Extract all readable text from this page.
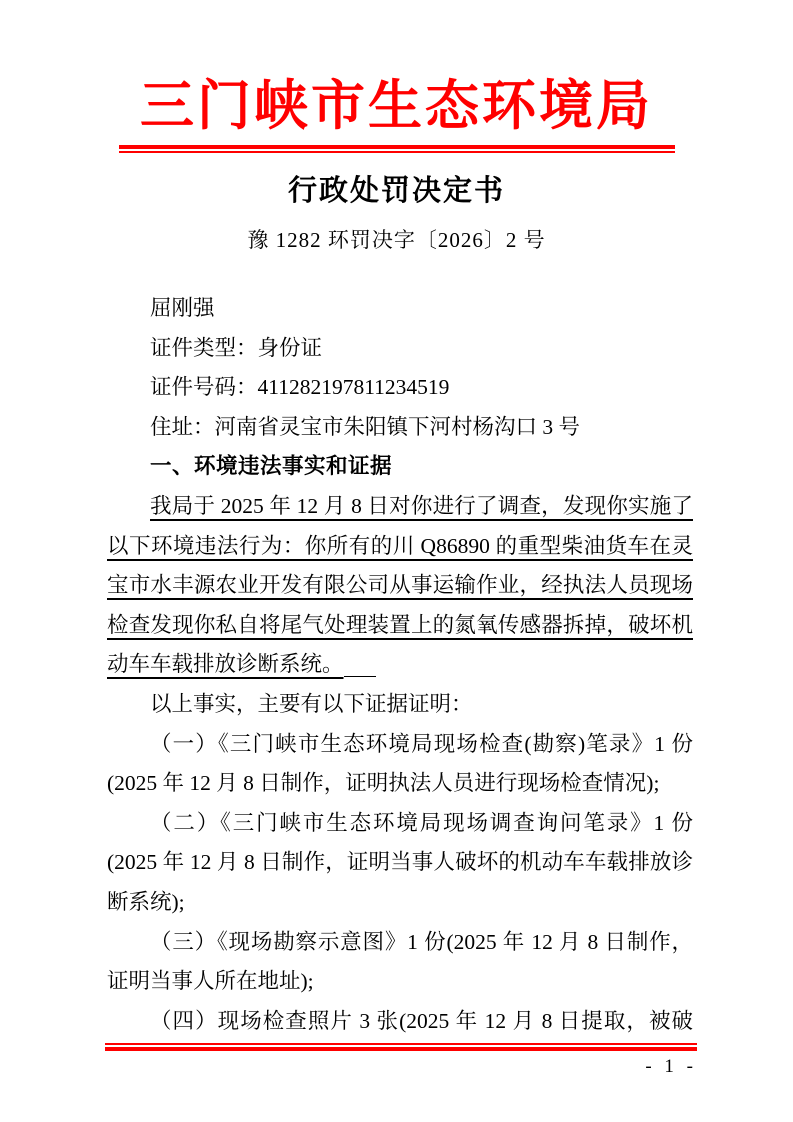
三门峡市生态环境局
行政处罚决定书
豫 1282 环罚决字〔2026〕2 号
屈刚强
证件类型：身份证
证件号码：411282197811234519
住址：河南省灵宝市朱阳镇下河村杨沟口 3 号
一、环境违法事实和证据
我局于 2025 年 12 月 8 日对你进行了调查，发现你实施了以下环境违法行为：你所有的川 Q86890 的重型柴油货车在灵宝市水丰源农业开发有限公司从事运输作业，经执法人员现场检查发现你私自将尾气处理装置上的氮氧传感器拆掉，破坏机动车车载排放诊断系统。
以上事实，主要有以下证据证明：
（一）《三门峡市生态环境局现场检查(勘察)笔录》1 份(2025 年 12 月 8 日制作，证明执法人员进行现场检查情况);
（二）《三门峡市生态环境局现场调查询问笔录》1 份(2025 年 12 月 8 日制作，证明当事人破坏的机动车车载排放诊断系统);
（三）《现场勘察示意图》1 份(2025 年 12 月 8 日制作，证明当事人所在地址);
（四）现场检查照片 3 张(2025 年 12 月 8 日提取，被破
- 1 -
